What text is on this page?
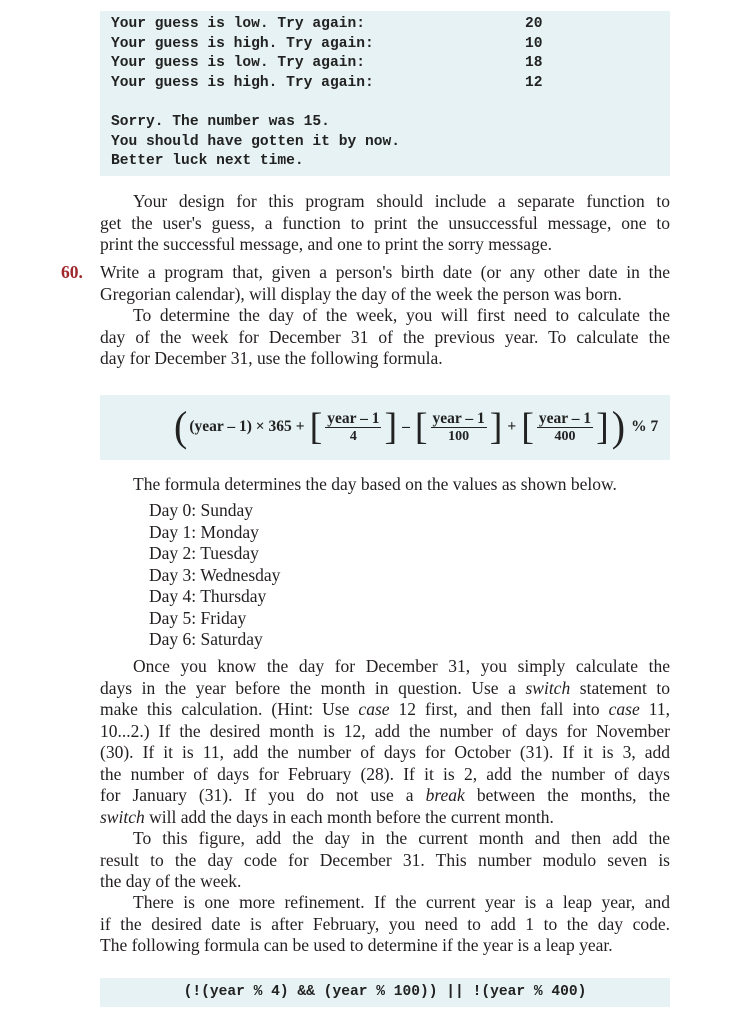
Your guess is low. Try again:	20
Your guess is high. Try again:	10
Your guess is low. Try again:	18
Your guess is high. Try again:	12
Sorry. The number was 15.
You should have gotten it by now.
Better luck next time.
Your design for this program should include a separate function to
get the user's guess, a function to print the unsuccessful message, one to
print the successful message, and one to print the sorry message.
60. Write a program that, given a person's birth date (or any other date in the
Gregorian calendar), will display the day of the week the person was born.
To determine the day of the week, you will first need to calculate the
day of the week for December 31 of the previous year. To calculate the
day for December 31, use the following formula.
( (year – 1) × 365 + [ $\frac{\text{year – 1}}{4}$ ] – [ $\frac{\text{year – 1}}{100}$ ] + [ $\frac{\text{year – 1}}{400}$ ] ) % 7
The formula determines the day based on the values as shown below.
Day 0: Sunday
Day 1: Monday
Day 2: Tuesday
Day 3: Wednesday
Day 4: Thursday
Day 5: Friday
Day 6: Saturday
Once you know the day for December 31, you simply calculate the
days in the year before the month in question. Use a switch statement to
make this calculation. (Hint: Use case 12 first, and then fall into case 11,
10...2.) If the desired month is 12, add the number of days for November
(30). If it is 11, add the number of days for October (31). If it is 3, add
the number of days for February (28). If it is 2, add the number of days
for January (31). If you do not use a break between the months, the
switch will add the days in each month before the current month.
To this figure, add the day in the current month and then add the
result to the day code for December 31. This number modulo seven is
the day of the week.
There is one more refinement. If the current year is a leap year, and
if the desired date is after February, you need to add 1 to the day code.
The following formula can be used to determine if the year is a leap year.
(!(year % 4) && (year % 100)) || !(year % 400)
